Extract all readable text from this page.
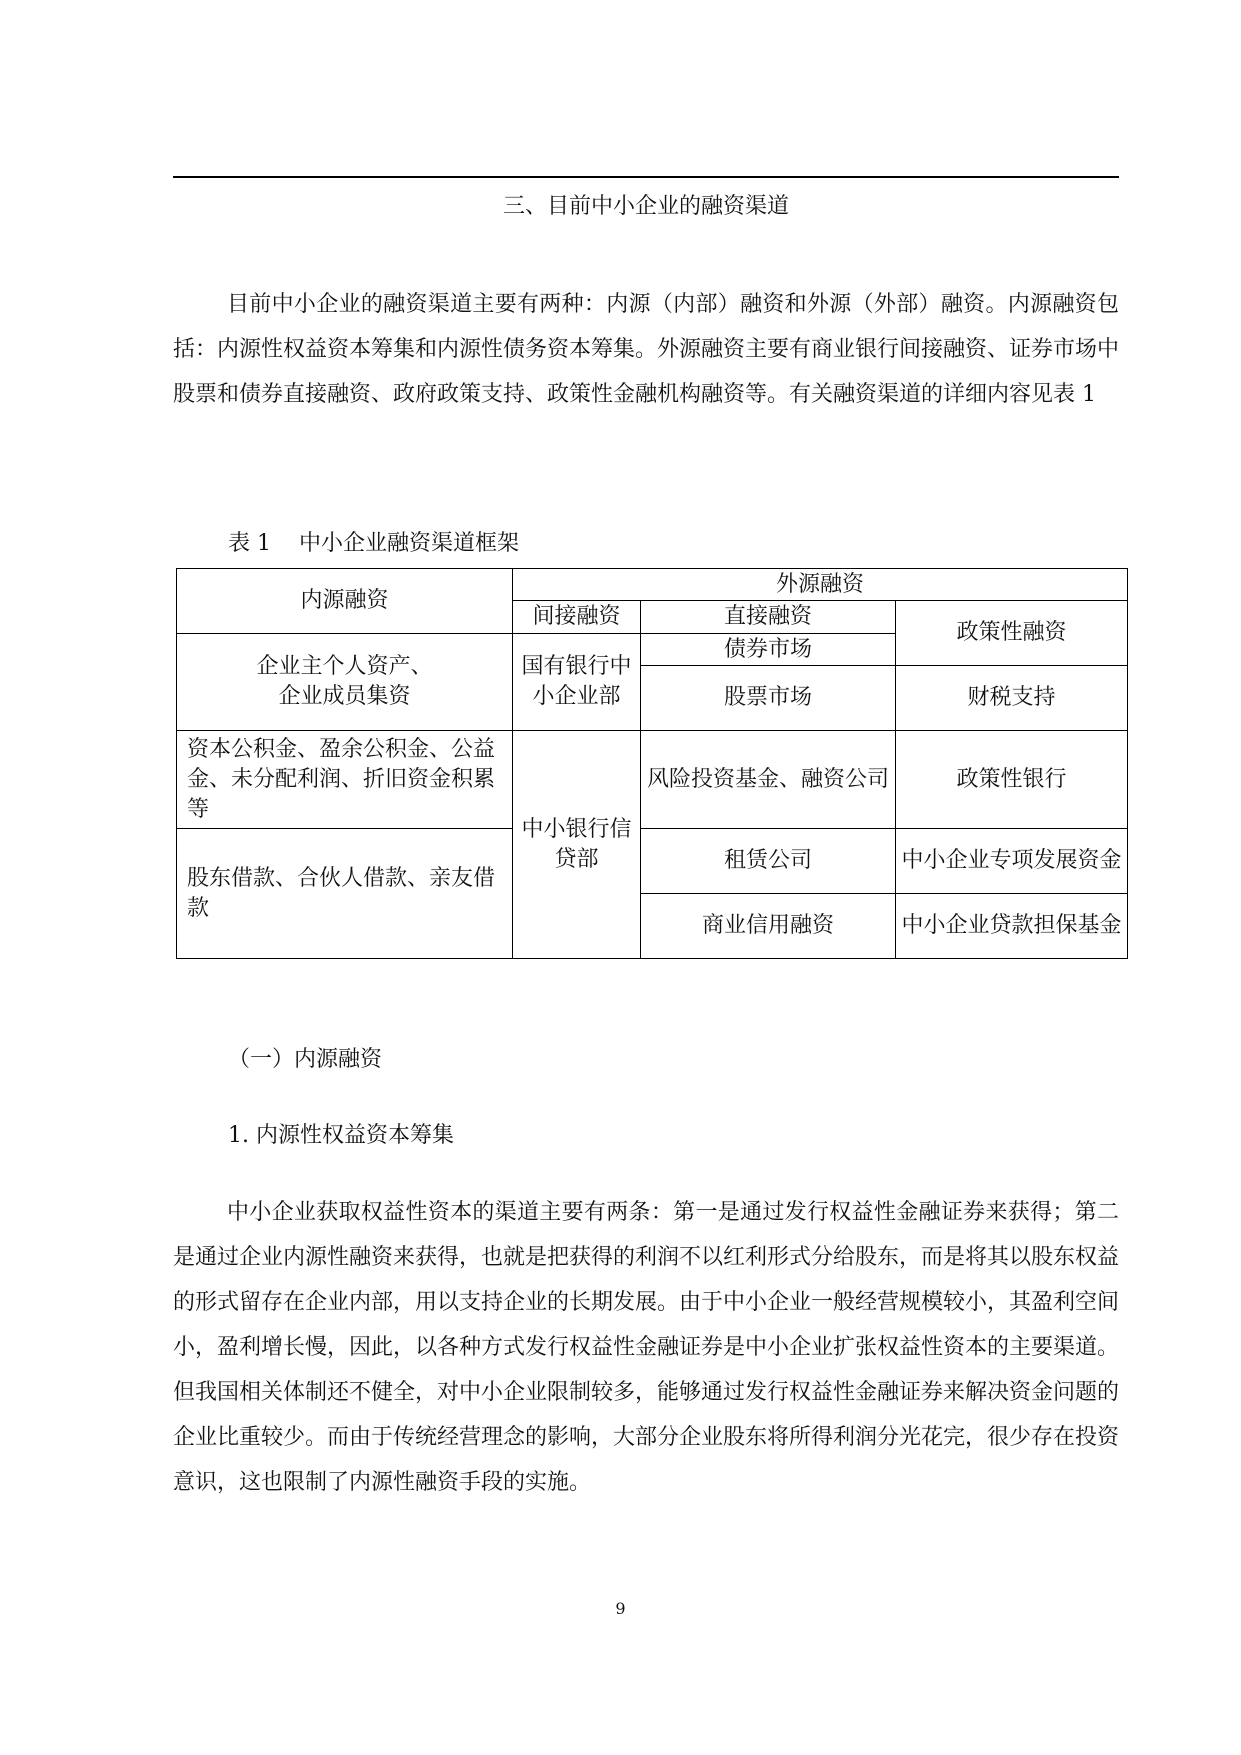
三、目前中小企业的融资渠道

目前中小企业的融资渠道主要有两种：内源（内部）融资和外源（外部）融资。内源融资包括：内源性权益资本筹集和内源性债务资本筹集。外源融资主要有商业银行间接融资、证券市场中股票和债券直接融资、政府政策支持、政策性金融机构融资等。有关融资渠道的详细内容见表 1

表 1    中小企业融资渠道框架
内源融资	外源融资		
	间接融资	直接融资	政策性融资
企业主个人资产、
企业成员集资	国有银行中小企业部	债券市场	
		股票市场	财税支持
资本公积金、盈余公积金、公益金、未分配利润、折旧资金积累等	中小银行信贷部	风险投资基金、融资公司	政策性银行
股东借款、合伙人借款、亲友借款		租赁公司	中小企业专项发展资金
		商业信用融资	中小企业贷款担保基金
（一）内源融资
1. 内源性权益资本筹集

中小企业获取权益性资本的渠道主要有两条：第一是通过发行权益性金融证券来获得；第二是通过企业内源性融资来获得，也就是把获得的利润不以红利形式分给股东，而是将其以股东权益的形式留存在企业内部，用以支持企业的长期发展。由于中小企业一般经营规模较小，其盈利空间小，盈利增长慢，因此，以各种方式发行权益性金融证券是中小企业扩张权益性资本的主要渠道。但我国相关体制还不健全，对中小企业限制较多，能够通过发行权益性金融证券来解决资金问题的企业比重较少。而由于传统经营理念的影响，大部分企业股东将所得利润分光花完，很少存在投资意识，这也限制了内源性融资手段的实施。

9
